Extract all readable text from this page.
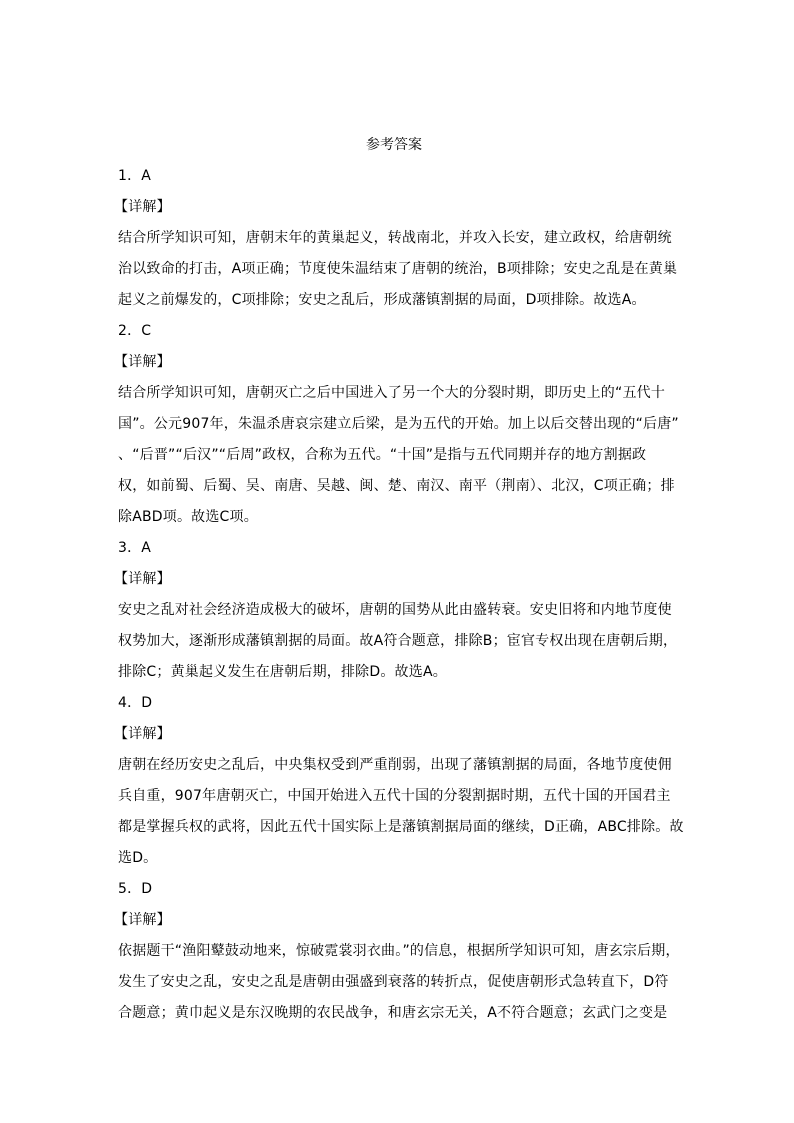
参考答案
1．A
【详解】
结合所学知识可知，唐朝末年的黄巢起义，转战南北，并攻入长安，建立政权，给唐朝统
治以致命的打击，A项正确；节度使朱温结束了唐朝的统治，B项排除；安史之乱是在黄巢
起义之前爆发的，C项排除；安史之乱后，形成藩镇割据的局面，D项排除。故选A。
2．C
【详解】
结合所学知识可知，唐朝灭亡之后中国进入了另一个大的分裂时期，即历史上的“五代十
国”。公元907年，朱温杀唐哀宗建立后梁，是为五代的开始。加上以后交替出现的“后唐”
、“后晋”“后汉”“后周”政权，合称为五代。“十国”是指与五代同期并存的地方割据政
权，如前蜀、后蜀、吴、南唐、吴越、闽、楚、南汉、南平（荆南）、北汉，C项正确；排
除ABD项。故选C项。
3．A
【详解】
安史之乱对社会经济造成极大的破坏，唐朝的国势从此由盛转衰。安史旧将和内地节度使
权势加大，逐渐形成藩镇割据的局面。故A符合题意，排除B；宦官专权出现在唐朝后期，
排除C；黄巢起义发生在唐朝后期，排除D。故选A。
4．D
【详解】
唐朝在经历安史之乱后，中央集权受到严重削弱，出现了藩镇割据的局面，各地节度使佣
兵自重，907年唐朝灭亡，中国开始进入五代十国的分裂割据时期，五代十国的开国君主
都是掌握兵权的武将，因此五代十国实际上是藩镇割据局面的继续，D正确，ABC排除。故
选D。
5．D
【详解】
依据题干“渔阳鼙鼓动地来，惊破霓裳羽衣曲。”的信息，根据所学知识可知，唐玄宗后期，
发生了安史之乱，安史之乱是唐朝由强盛到衰落的转折点，促使唐朝形式急转直下，D符
合题意；黄巾起义是东汉晚期的农民战争，和唐玄宗无关，A不符合题意；玄武门之变是
